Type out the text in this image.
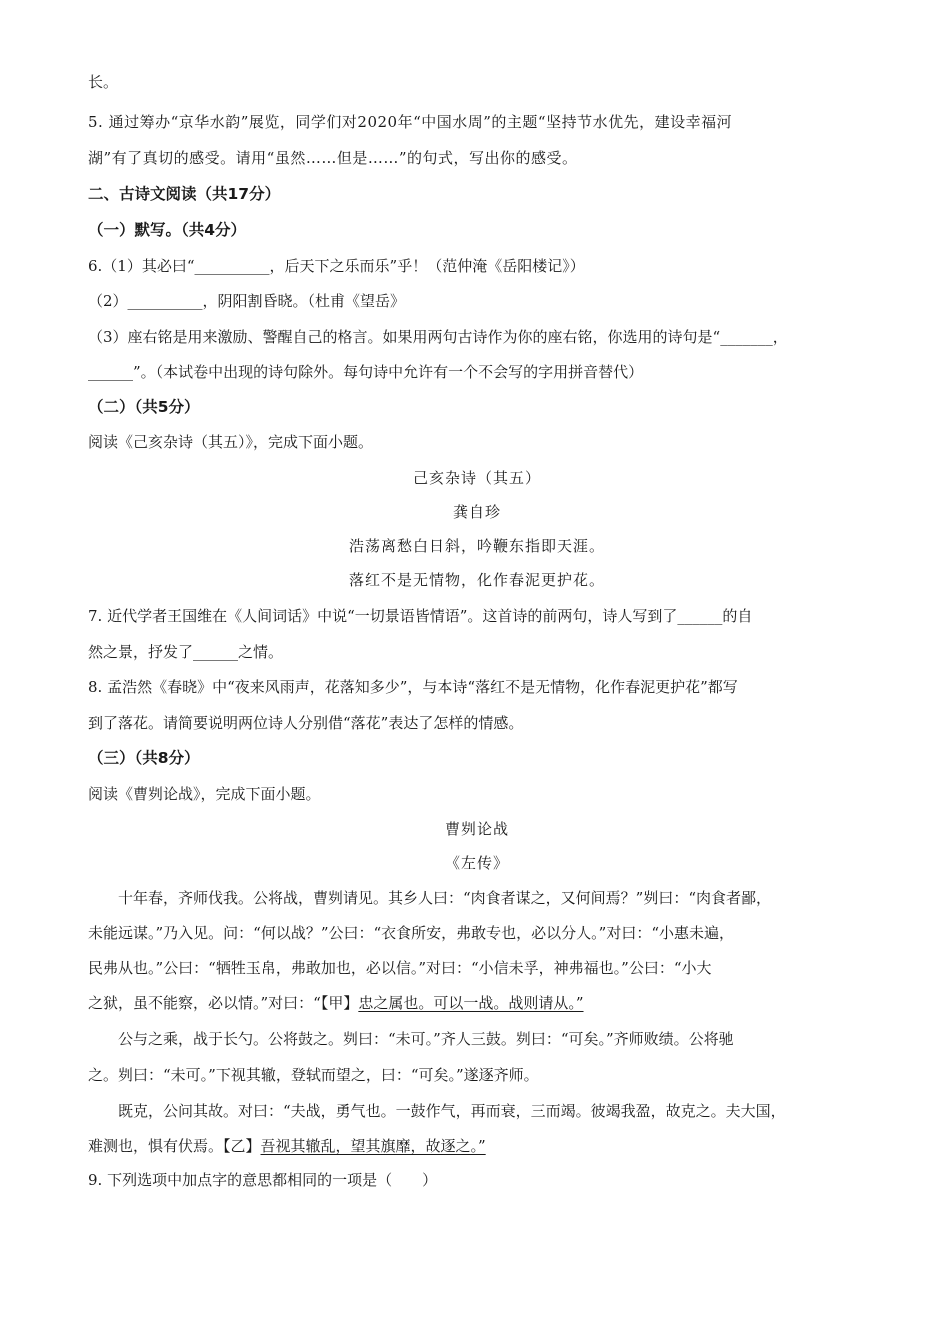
长。
5. 通过筹办“京华水韵”展览，同学们对2020年“中国水周”的主题“坚持节水优先，建设幸福河
湖”有了真切的感受。请用“虽然……但是……”的句式，写出你的感受。
二、古诗文阅读（共17分）
（一）默写。（共4分）
6.（1）其必曰“__________，后天下之乐而乐”乎！（范仲淹《岳阳楼记》）
（2）__________，阴阳割昏晓。（杜甫《望岳》
（3）座右铭是用来激励、警醒自己的格言。如果用两句古诗作为你的座右铭，你选用的诗句是“_______，
______”。（本试卷中出现的诗句除外。每句诗中允许有一个不会写的字用拼音替代）
（二）（共5分）
阅读《己亥杂诗（其五）》，完成下面小题。
己亥杂诗（其五）
龚自珍
浩荡离愁白日斜，吟鞭东指即天涯。
落红不是无情物，化作春泥更护花。
7. 近代学者王国维在《人间词话》中说“一切景语皆情语”。这首诗的前两句，诗人写到了______的自
然之景，抒发了______之情。
8. 孟浩然《春晓》中“夜来风雨声，花落知多少”，与本诗“落红不是无情物，化作春泥更护花”都写
到了落花。请简要说明两位诗人分别借“落花”表达了怎样的情感。
（三）（共8分）
阅读《曹刿论战》，完成下面小题。
曹刿论战
《左传》
十年春，齐师伐我。公将战，曹刿请见。其乡人曰：“肉食者谋之，又何间焉？”刿曰：“肉食者鄙，
未能远谋。”乃入见。问：“何以战？”公曰：“衣食所安，弗敢专也，必以分人。”对曰：“小惠未遍，
民弗从也。”公曰：“牺牲玉帛，弗敢加也，必以信。”对曰：“小信未孚，神弗福也。”公曰：“小大
之狱，虽不能察，必以情。”对曰：“【甲】忠之属也。可以一战。战则请从。”
公与之乘，战于长勺。公将鼓之。刿曰：“未可。”齐人三鼓。刿曰：“可矣。”齐师败绩。公将驰
之。刿曰：“未可。”下视其辙，登轼而望之，曰：“可矣。”遂逐齐师。
既克，公问其故。对曰：“夫战，勇气也。一鼓作气，再而衰，三而竭。彼竭我盈，故克之。夫大国，
难测也，惧有伏焉。【乙】吾视其辙乱，望其旗靡，故逐之。”
9. 下列选项中加点字的意思都相同的一项是（　　）
